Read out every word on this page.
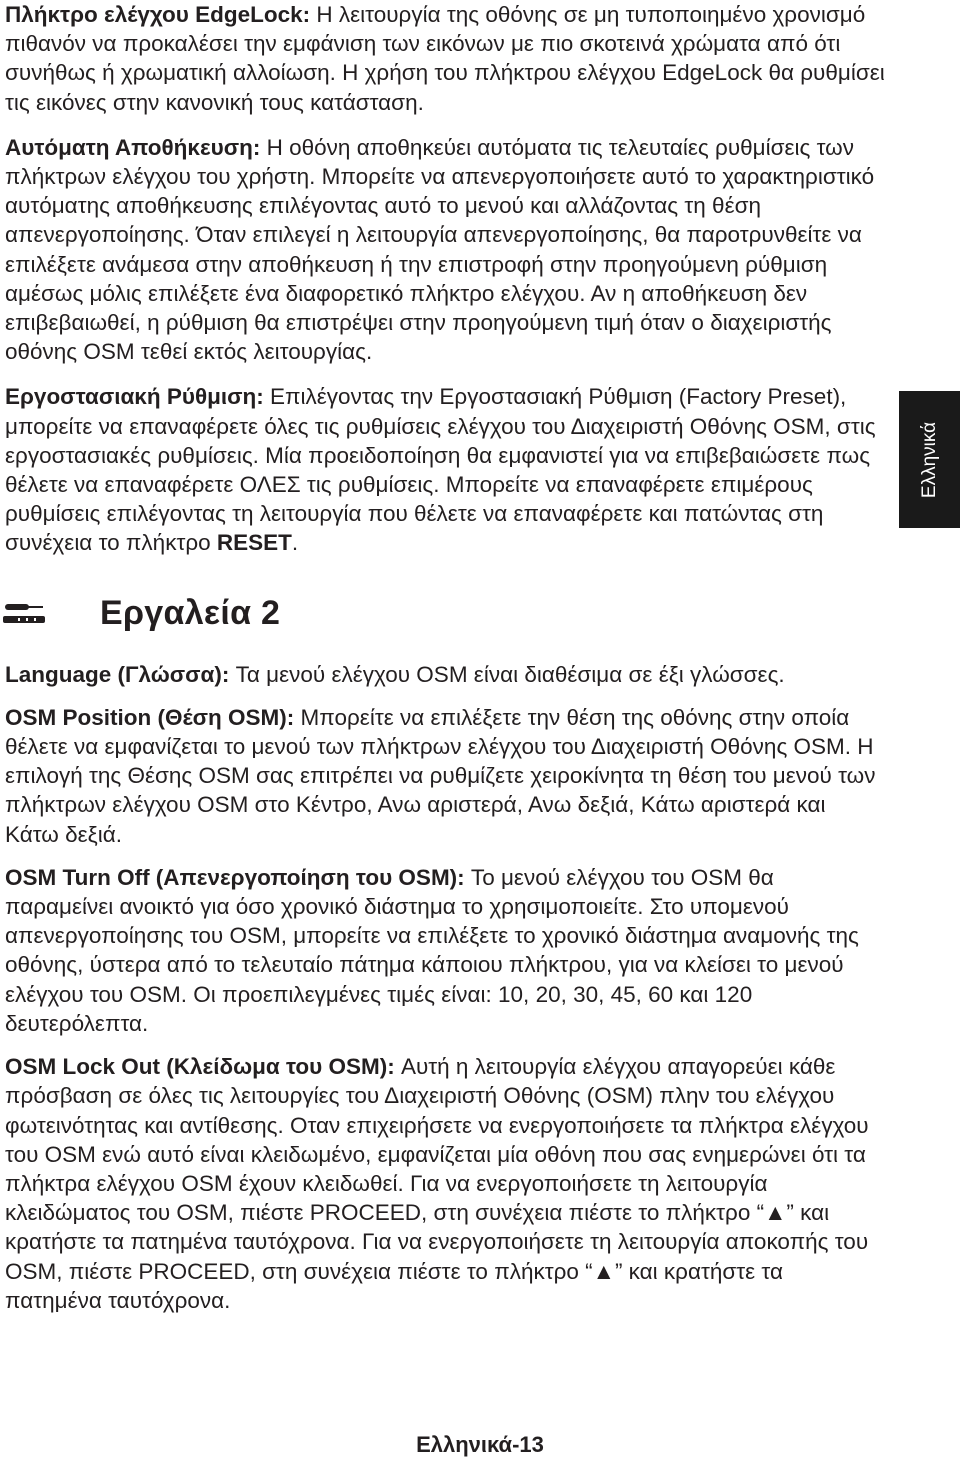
Πλήκτρο ελέγχου EdgeLock: Η λειτουργία της οθόνης σε μη τυποποιημένο χρονισμό πιθανόν να προκαλέσει την εμφάνιση των εικόνων με πιο σκοτεινά χρώματα από ότι συνήθως ή χρωματική αλλοίωση. Η χρήση του πλήκτρου ελέγχου EdgeLock θα ρυθμίσει τις εικόνες στην κανονική τους κατάσταση.

Αυτόματη Αποθήκευση: Η οθόνη αποθηκεύει αυτόματα τις τελευταίες ρυθμίσεις των πλήκτρων ελέγχου του χρήστη. Μπορείτε να απενεργοποιήσετε αυτό το χαρακτηριστικό αυτόματης αποθήκευσης επιλέγοντας αυτό το μενού και αλλάζοντας τη θέση απενεργοποίησης. Όταν επιλεγεί η λειτουργία απενεργοποίησης, θα παροτρυνθείτε να επιλέξετε ανάμεσα στην αποθήκευση ή την επιστροφή στην προηγούμενη ρύθμιση αμέσως μόλις επιλέξετε ένα διαφορετικό πλήκτρο ελέγχου. Αν η αποθήκευση δεν επιβεβαιωθεί, η ρύθμιση θα επιστρέψει στην προηγούμενη τιμή όταν ο διαχειριστής οθόνης OSM τεθεί εκτός λειτουργίας.

Εργοστασιακή Ρύθμιση: Επιλέγοντας την Εργοστασιακή Ρύθμιση (Factory Preset), μπορείτε να επαναφέρετε όλες τις ρυθμίσεις ελέγχου του Διαχειριστή Οθόνης OSM, στις εργοστασιακές ρυθμίσεις. Μία προειδοποίηση θα εμφανιστεί για να επιβεβαιώσετε πως θέλετε να επαναφέρετε ΟΛΕΣ τις ρυθμίσεις. Μπορείτε να επαναφέρετε επιμέρους ρυθμίσεις επιλέγοντας τη λειτουργία που θέλετε να επαναφέρετε και πατώντας στη συνέχεια το πλήκτρο RESET.

Εργαλεία 2

Language (Γλώσσα): Τα μενού ελέγχου OSM είναι διαθέσιμα σε έξι γλώσσες.

OSM Position (Θέση OSM): Μπορείτε να επιλέξετε την θέση της οθόνης στην οποία θέλετε να εμφανίζεται το μενού των πλήκτρων ελέγχου του Διαχειριστή Οθόνης OSM. Η επιλογή της Θέσης OSM σας επιτρέπει να ρυθμίζετε χειροκίνητα τη θέση του μενού των πλήκτρων ελέγχου OSM στο Κέντρο, Ανω αριστερά, Ανω δεξιά, Κάτω αριστερά και Κάτω δεξιά.

OSM Turn Off (Απενεργοποίηση του OSM): Το μενού ελέγχου του OSM θα παραμείνει ανοικτό για όσο χρονικό διάστημα το χρησιμοποιείτε. Στο υπομενού απενεργοποίησης του OSM, μπορείτε να επιλέξετε το χρονικό διάστημα αναμονής της οθόνης, ύστερα από το τελευταίο πάτημα κάποιου πλήκτρου, για να κλείσει το μενού ελέγχου του OSM. Οι προεπιλεγμένες τιμές είναι: 10, 20, 30, 45, 60 και 120 δευτερόλεπτα.

OSM Lock Out (Κλείδωμα του OSM): Αυτή η λειτουργία ελέγχου απαγορεύει κάθε πρόσβαση σε όλες τις λειτουργίες του Διαχειριστή Οθόνης (OSM) πλην του ελέγχου φωτεινότητας και αντίθεσης. Οταν επιχειρήσετε να ενεργοποιήσετε τα πλήκτρα ελέγχου του OSM ενώ αυτό είναι κλειδωμένο, εμφανίζεται μία οθόνη που σας ενημερώνει ότι τα πλήκτρα ελέγχου OSM έχουν κλειδωθεί. Για να ενεργοποιήσετε τη λειτουργία κλειδώματος του OSM, πιέστε PROCEED, στη συνέχεια πιέστε το πλήκτρο “▲” και κρατήστε τα πατημένα ταυτόχρονα. Για να ενεργοποιήσετε τη λειτουργία αποκοπής του OSM, πιέστε PROCEED, στη συνέχεια πιέστε το πλήκτρο “▲” και κρατήστε τα πατημένα ταυτόχρονα.

Ελληνικά
Ελληνικά-13
